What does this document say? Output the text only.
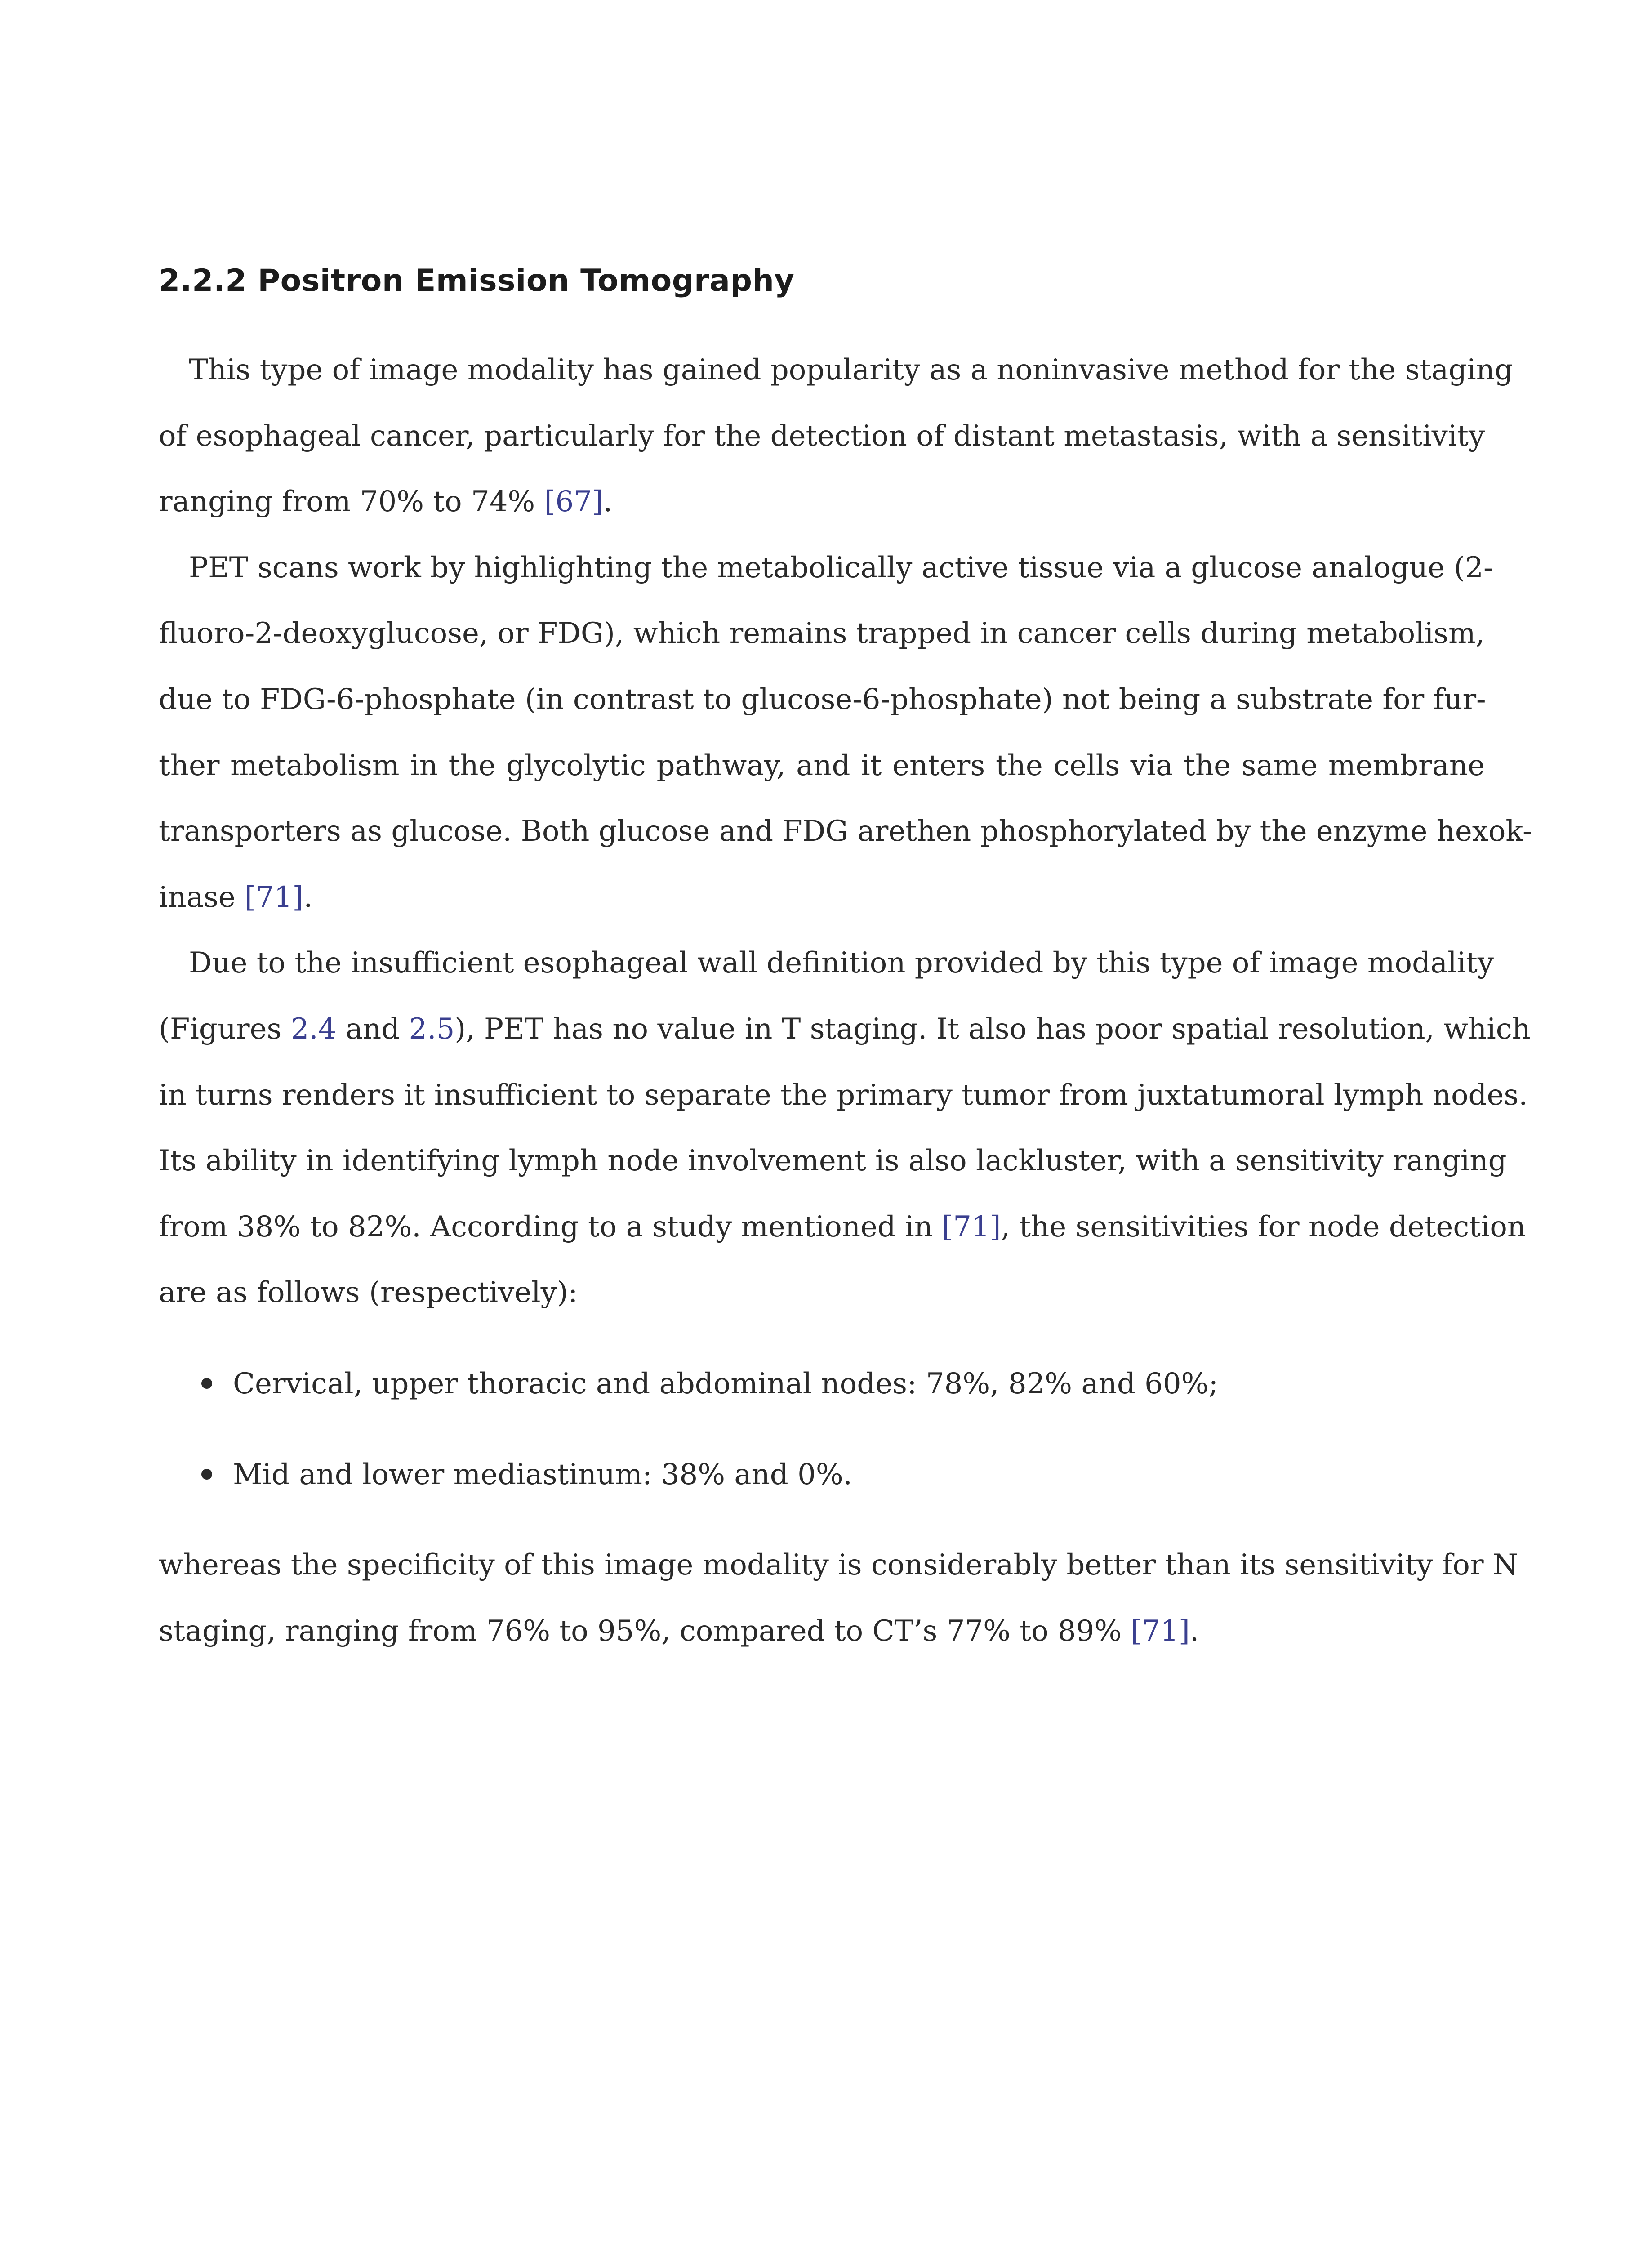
2.2.2 Positron Emission Tomography
This type of image modality has gained popularity as a noninvasive method for the staging
of esophageal cancer, particularly for the detection of distant metastasis, with a sensitivity
ranging from 70% to 74% [67].
PET scans work by highlighting the metabolically active tissue via a glucose analogue (2-
fluoro-2-deoxyglucose, or FDG), which remains trapped in cancer cells during metabolism,
due to FDG-6-phosphate (in contrast to glucose-6-phosphate) not being a substrate for fur-
ther metabolism in the glycolytic pathway, and it enters the cells via the same membrane
transporters as glucose. Both glucose and FDG arethen phosphorylated by the enzyme hexok-
inase [71].
Due to the insufficient esophageal wall definition provided by this type of image modality
(Figures 2.4 and 2.5), PET has no value in T staging. It also has poor spatial resolution, which
in turns renders it insufficient to separate the primary tumor from juxtatumoral lymph nodes.
Its ability in identifying lymph node involvement is also lackluster, with a sensitivity ranging
from 38% to 82%. According to a study mentioned in [71], the sensitivities for node detection
are as follows (respectively):
Cervical, upper thoracic and abdominal nodes: 78%, 82% and 60%;
Mid and lower mediastinum: 38% and 0%.
whereas the specificity of this image modality is considerably better than its sensitivity for N
staging, ranging from 76% to 95%, compared to CT’s 77% to 89% [71].
